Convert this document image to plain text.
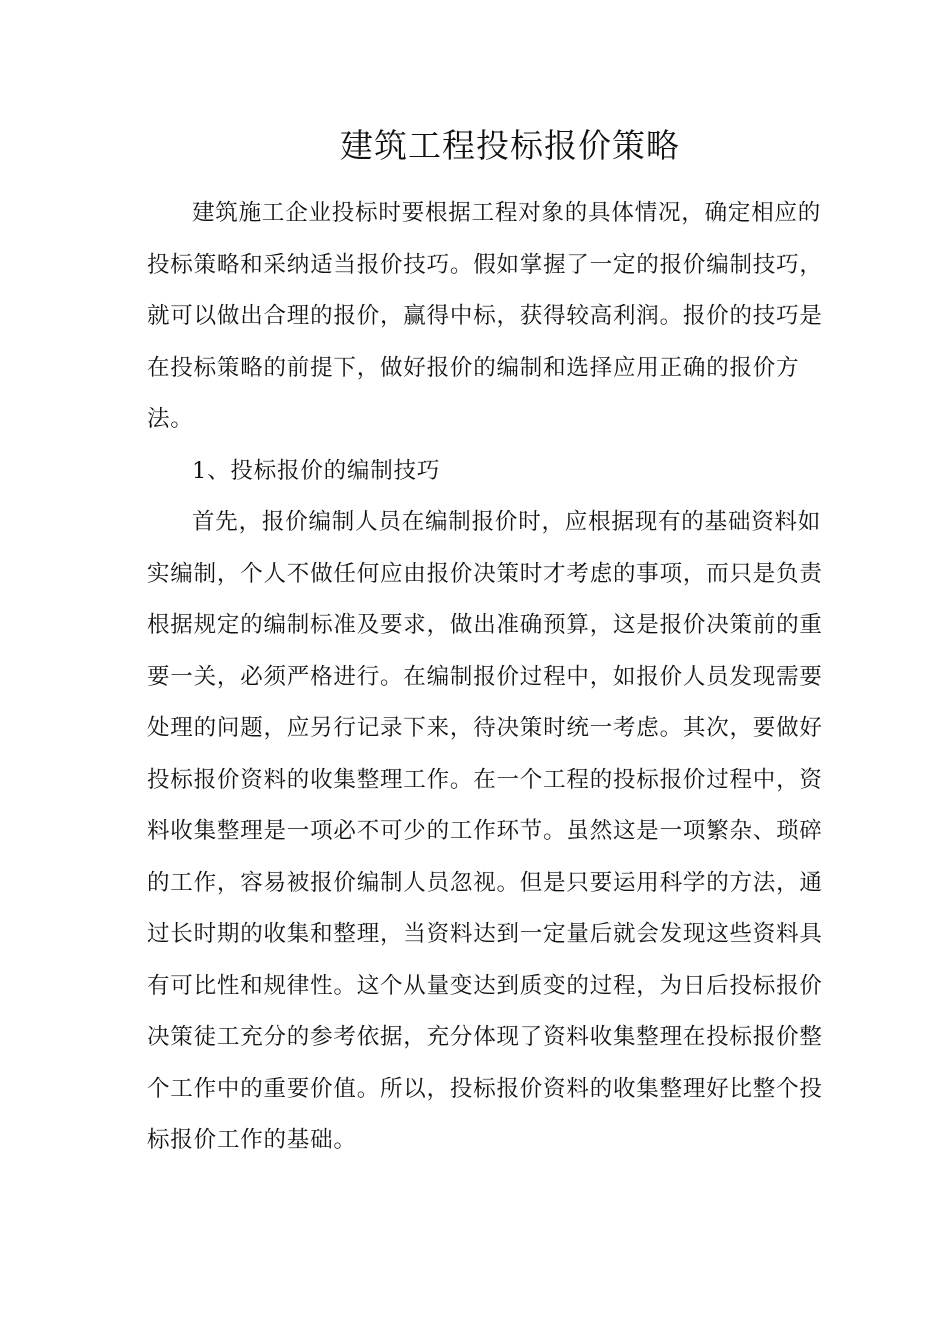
建筑工程投标报价策略
建筑施工企业投标时要根据工程对象的具体情况，确定相应的
投标策略和采纳适当报价技巧。假如掌握了一定的报价编制技巧，
就可以做出合理的报价，赢得中标，获得较高利润。报价的技巧是
在投标策略的前提下，做好报价的编制和选择应用正确的报价方
法。
1、投标报价的编制技巧
首先，报价编制人员在编制报价时，应根据现有的基础资料如
实编制，个人不做任何应由报价决策时才考虑的事项，而只是负责
根据规定的编制标准及要求，做出准确预算，这是报价决策前的重
要一关，必须严格进行。在编制报价过程中，如报价人员发现需要
处理的问题，应另行记录下来，待决策时统一考虑。其次，要做好
投标报价资料的收集整理工作。在一个工程的投标报价过程中，资
料收集整理是一项必不可少的工作环节。虽然这是一项繁杂、琐碎
的工作，容易被报价编制人员忽视。但是只要运用科学的方法，通
过长时期的收集和整理，当资料达到一定量后就会发现这些资料具
有可比性和规律性。这个从量变达到质变的过程，为日后投标报价
决策徒工充分的参考依据，充分体现了资料收集整理在投标报价整
个工作中的重要价值。所以，投标报价资料的收集整理好比整个投
标报价工作的基础。
